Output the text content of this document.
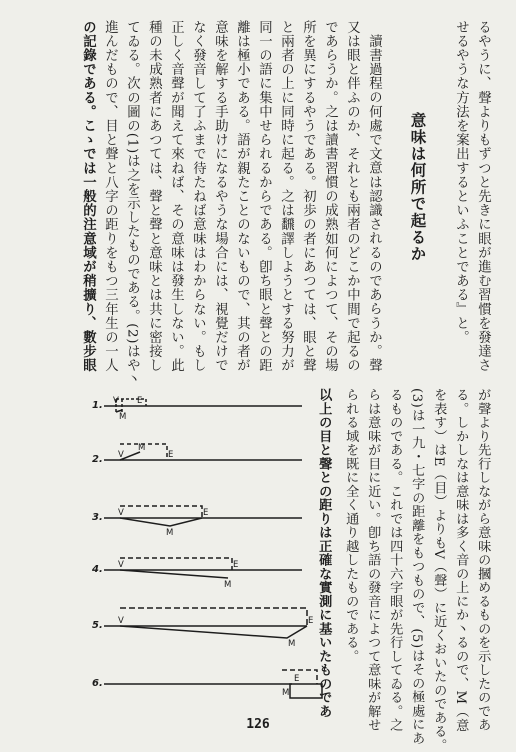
るやうに、聲よりもずつと先きに眼が進む習慣を發達さ
せるやうな方法を案出するといふことである』と。
意味は何所で起るか
讀書過程の何處で文意は認識されるのであらうか。聲
又は眼と伴ふのか、それとも兩者のどこか中間で起るの
であらうか。之は讀書習慣の成熟如何によつて、その場
所を異にするやうである。初歩の者にあつては、眼と聲
と兩者の上に同時に起る。之は飜譯しようとする努力が
同一の語に集中せられるからである。卽ち眼と聲との距
離は極小である。語が親たことのないもので、其の者が
意味を解する手助けになるやうな場合には、視覺だけで
なく發音して了ふまで待たねば意味はわからない。もし
正しく音聲が聞えて來ねば、その意味は發生しない。此
種の未成熟者にあつては、聲と聲と意味とは共に密接し
てゐる。次の圖の(1)は之を示したものである。(2)はや丶
進んだもので、目と聲と八字の距りをもつ三年生の一人
の記錄である。こゝでは一般的注意域が稍擴り、數步眼
が聲より先行しながら意味の摑めるものを示したのであ
る。しかしなは意味は多く音の上にか丶るので、M（意
を表す）はE（目）よりもV（聲）に近くおいたのである。
(3)は一九・七字の距離をもつもので、(5)はその極處にあ
るものである。これでは四十六字眼が先行してゐる。之
らは意味が目に近い。卽ち語の發音によつて意味が解せ
られる域を既に全く通り越したものである。
以上の目と聲との距りは正確な實測に基いたものであ
1.
2.
3.
4.
5.
6.
V E
M
V	E
M
V	E
M
V	E
M
V	E
M
E
M
126
